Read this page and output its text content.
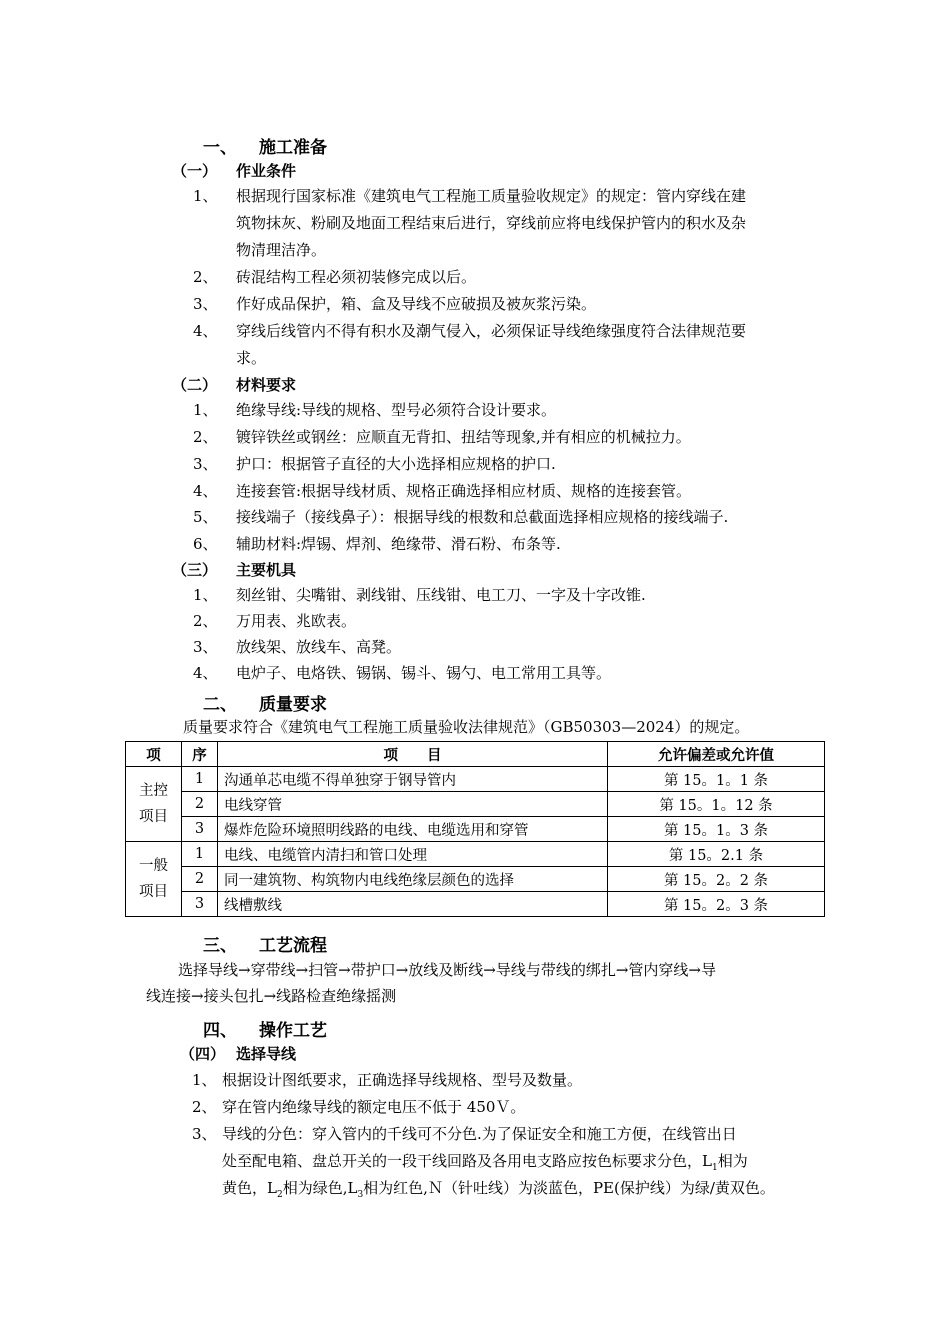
一、 施工准备
（一） 作业条件
1、 根据现行国家标准《建筑电气工程施工质量验收规定》的规定：管内穿线在建
筑物抹灰、粉刷及地面工程结束后进行，穿线前应将电线保护管内的积水及杂
物清理洁净。
2、 砖混结构工程必须初装修完成以后。
3、 作好成品保护，箱、盒及导线不应破损及被灰浆污染。
4、 穿线后线管内不得有积水及潮气侵入，必须保证导线绝缘强度符合法律规范要
求。
（二） 材料要求
1、 绝缘导线:导线的规格、型号必须符合设计要求。
2、 镀锌铁丝或钢丝：应顺直无背扣、扭结等现象,并有相应的机械拉力。
3、 护口：根据管子直径的大小选择相应规格的护口.
4、 连接套管:根据导线材质、规格正确选择相应材质、规格的连接套管。
5、 接线端子（接线鼻子）：根据导线的根数和总截面选择相应规格的接线端子.
6、 辅助材料:焊锡、焊剂、绝缘带、滑石粉、布条等.
（三） 主要机具
1、 刻丝钳、尖嘴钳、剥线钳、压线钳、电工刀、一字及十字改锥.
2、 万用表、兆欧表。
3、 放线架、放线车、高凳。
4、 电炉子、电烙铁、锡锅、锡斗、锡勺、电工常用工具等。
二、 质量要求
质量要求符合《建筑电气工程施工质量验收法律规范》（GB50303—2024）的规定。
项	序	项　　目	允许偏差或允许值
主控
项目	1	沟通单芯电缆不得单独穿于钢导管内	第 15。1。1 条
	2	电线穿管	第 15。1。12 条
	3	爆炸危险环境照明线路的电线、电缆选用和穿管	第 15。1。3 条
一般
项目	1	电线、电缆管内清扫和管口处理	第 15。2.1 条
	2	同一建筑物、构筑物内电线绝缘层颜色的选择	第 15。2。2 条
	3	线槽敷线	第 15。2。3 条
三、 工艺流程
选择导线→穿带线→扫管→带护口→放线及断线→导线与带线的绑扎→管内穿线→导
线连接→接头包扎→线路检查绝缘摇测
四、 操作工艺
（四） 选择导线
1、 根据设计图纸要求，正确选择导线规格、型号及数量。
2、 穿在管内绝缘导线的额定电压不低于 450Ｖ。
3、 导线的分色：穿入管内的千线可不分色.为了保证安全和施工方便，在线管出日
处至配电箱、盘总开关的一段干线回路及各用电支路应按色标要求分色，$L_1$相为
黄色，$L_2$相为绿色$,L_3$相为红色,Ｎ（针吐线）为淡蓝色，PE(保护线）为绿/黄双色。
